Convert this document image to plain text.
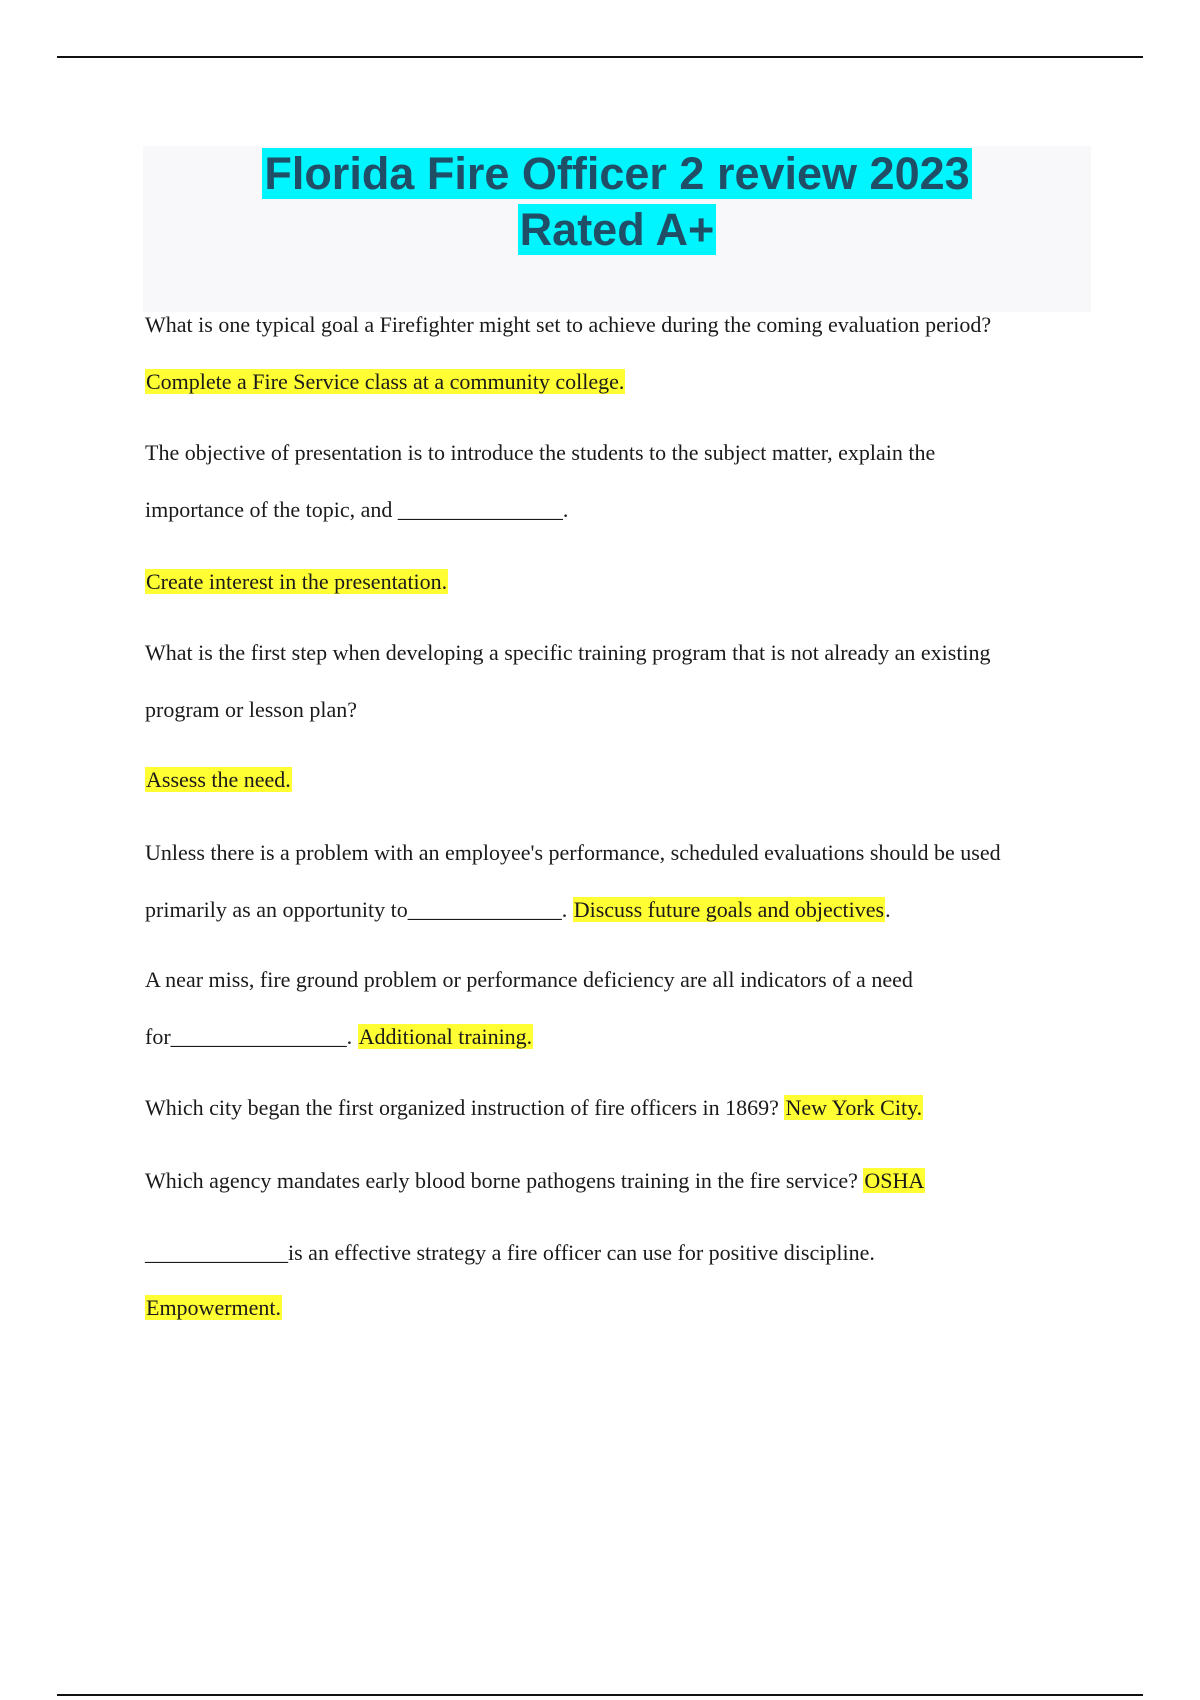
Florida Fire Officer 2 review 2023
Rated A+
What is one typical goal a Firefighter might set to achieve during the coming evaluation period?
Complete a Fire Service class at a community college.
The objective of presentation is to introduce the students to the subject matter, explain the
importance of the topic, and _______________.
Create interest in the presentation.
What is the first step when developing a specific training program that is not already an existing
program or lesson plan?
Assess the need.
Unless there is a problem with an employee's performance, scheduled evaluations should be used
primarily as an opportunity to______________. Discuss future goals and objectives.
A near miss, fire ground problem or performance deficiency are all indicators of a need
for________________. Additional training.
Which city began the first organized instruction of fire officers in 1869? New York City.
Which agency mandates early blood borne pathogens training in the fire service? OSHA
_____________is an effective strategy a fire officer can use for positive discipline.
Empowerment.
